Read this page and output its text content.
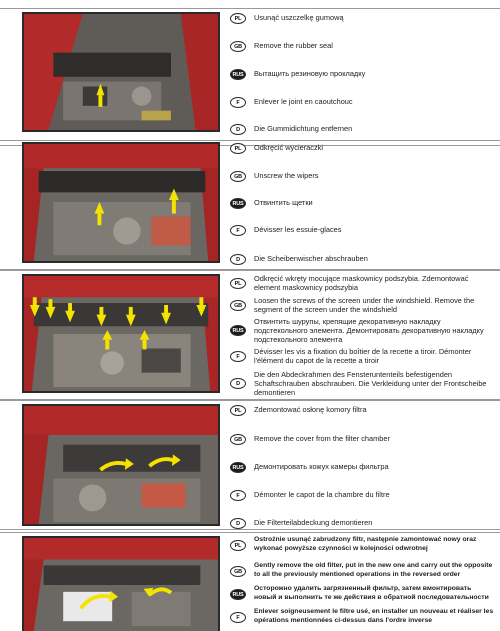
PL	Usunąć uszczelkę gumową
GB	Remove the rubber seal
RUS	Вытащить резиновую прокладку
F	Enlever le joint en caoutchouc
D	Die Gummidichtung entfernen
PL	Odkręcić wycieraczki
GB	Unscrew the wipers
RUS	Отвинтить щетки
F	Dévisser les essuie-glaces
D	Die Scheibenwischer abschrauben
PL
Odkręcić wkręty mocujące maskownicy podszybia. Zdemontować element maskownicy podszybia
GB
Loosen the screws of the screen under the windshield. Remove the segment of the screen under the windshield
RUS
Отвинтить шурупы, крепящие декоративную накладку подстекольного элемента. Демонтировать декоративную накладку подстекольного элемента
F
Dévisser les vis a fixation du boîtier de la recette a tiroir. Démonter l'élément du capot de la recette a tiroir
D
Die den Abdeckrahmen des Fensteruntenteils befestigenden Schaftschrauben abschrauben. Die Verkleidung unter der Frontscheibe demontieren
PL	Zdemontować osłonę komory filtra
GB	Remove the cover from the filter chamber
RUS	Демонтировать кожух камеры фильтра
F	Démonter le capot de la chambre du filtre
D	Die Filterteilabdeckung demontieren
PL
Ostrożnie usunąć zabrudzony filtr, następnie zamontować nowy oraz wykonać powyższe czynności w kolejności odwrotnej
GB
Gently remove the old filter, put in the new one and carry out the opposite to all the previously mentioned operations in the reversed order
RUS
Осторожно удалить загрязненный фильтр, затем вмонтировать новый и выполнить те же действия в обратной последовательности
F
Enlever soigneusement le filtre usé, en installer un nouveau et réaliser les opérations mentionnées ci-dessus dans l'ordre inverse
